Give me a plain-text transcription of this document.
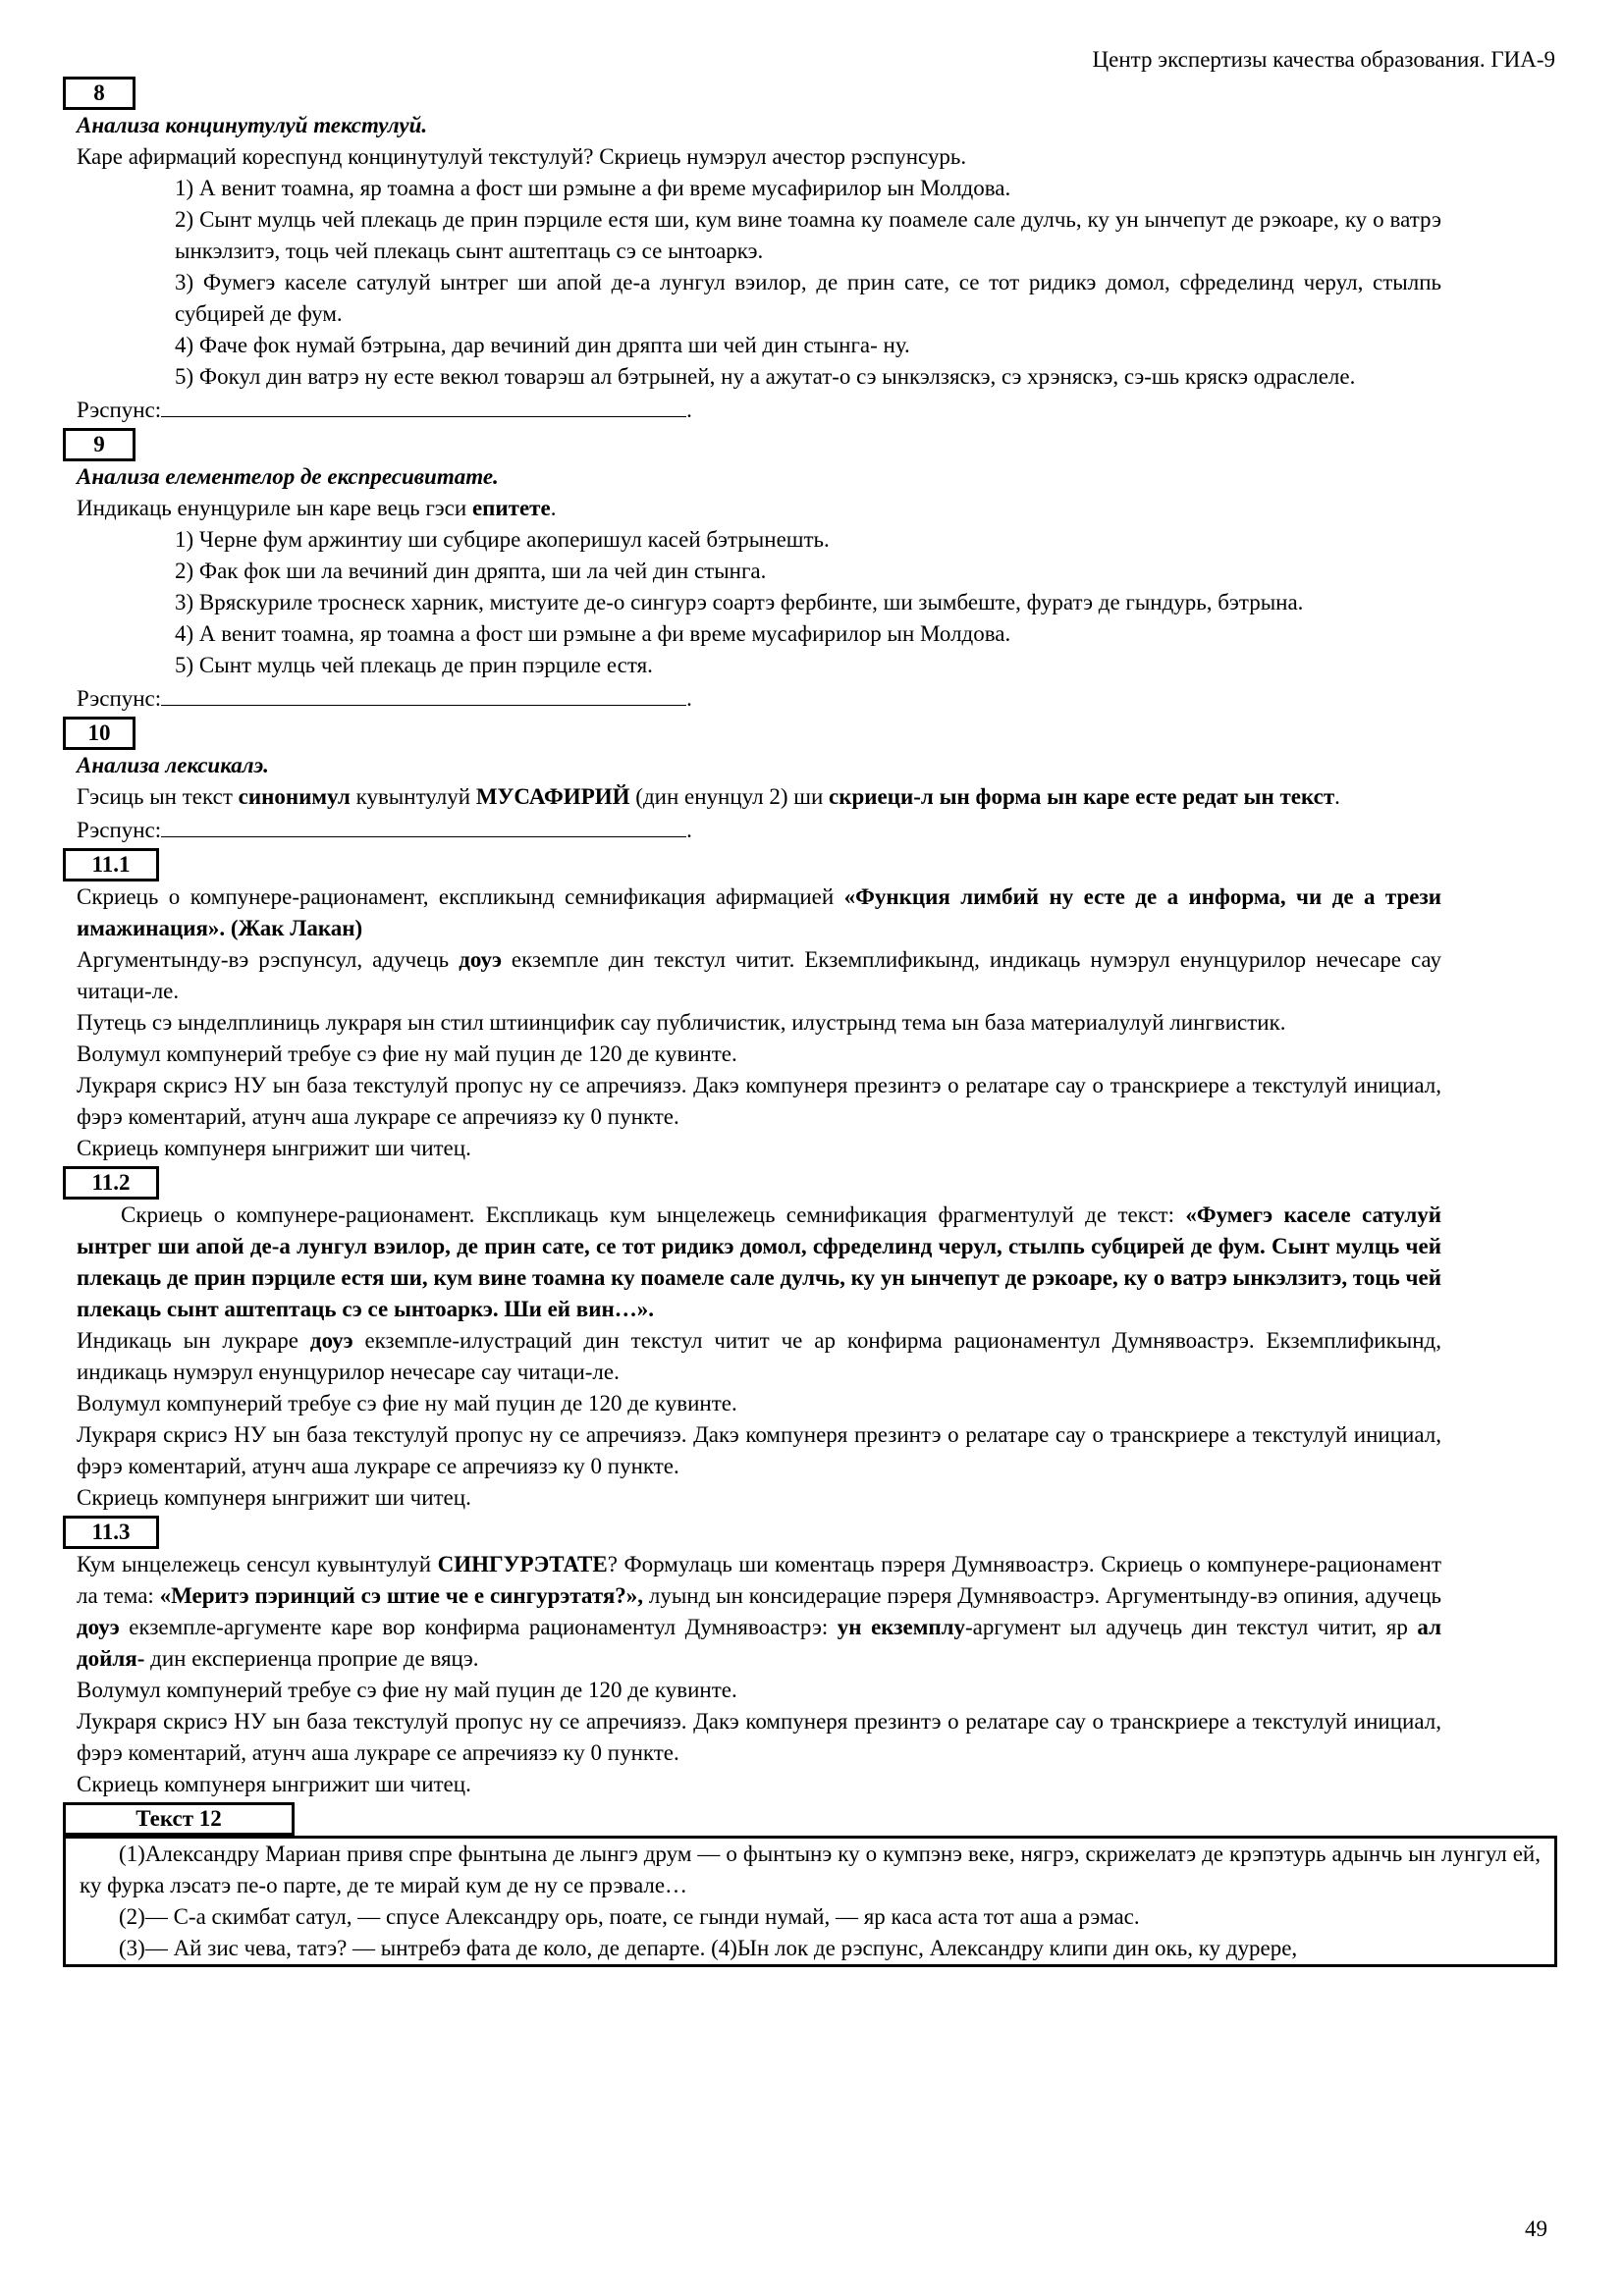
Центр экспертизы качества образования. ГИА-9
8

Анализа концинутулуй текстулуй.

Каре афирмаций кореспунд концинутулуй текстулуй? Скриець нумэрул ачестор рэспунсурь.

1) А венит тоамна, яр тоамна а фост ши рэмыне а фи време мусафирилор ын Молдова.

2) Сынт мулць чей плекаць де прин пэрциле естя ши, кум вине тоамна ку поамеле сале дулчь, ку ун ынчепут де рэкоаре, ку о ватрэ ынкэлзитэ, тоць чей плекаць сынт аштептаць сэ се ынтоаркэ.

3) Фумегэ каселе сатулуй ынтрег ши апой де-а лунгул вэилор, де прин сате, се тот ридикэ домол, сфределинд черул, стылпь субцирей де фум.

4) Фаче фок нумай бэтрына, дар вечиний дин дряпта ши чей дин стынга- ну.

5) Фокул дин ватрэ ну есте векюл товарэш ал бэтрыней, ну а ажутат-о сэ ынкэлзяскэ, сэ хрэняскэ, сэ-шь кряскэ одраслеле.

Рэспунс:	.

9

Анализа елементелор де експресивитате.

Индикаць енунцуриле ын каре вець гэси епитете.

1) Черне фум аржинтиу ши субцире акоперишул касей бэтрынешть.

2) Фак фок ши ла вечиний дин дряпта, ши ла чей дин стынга.

3) Вряскуриле троснеск харник, мистуите де-о сингурэ соартэ фербинте, ши зымбеште, фуратэ де гындурь, бэтрына.

4) А венит тоамна, яр тоамна а фост ши рэмыне а фи време мусафирилор ын Молдова.

5) Сынт мулць чей плекаць де прин пэрциле естя.

Рэспунс:	.

10

Анализа лексикалэ.

Гэсиць ын текст синонимул кувынтулуй МУСАФИРИЙ (дин енунцул 2) ши скриеци-л ын форма ын каре есте редат ын текст.

Рэспунс:	.

11.1

Скриець о компунере-рационамент, експликынд семнификация афирмацией «Функция лимбий ну есте де а информа, чи де а трези имажинация». (Жак Лакан)

Аргументынду-вэ рэспунсул, адучець доуэ екземпле дин текстул читит. Екземплификынд, индикаць нумэрул енунцурилор нечесаре сау читаци-ле.

Путець сэ ынделплиниць лукраря ын стил штиинцифик сау публичистик, илустрынд тема ын база материалулуй лингвистик.

Волумул компунерий требуе сэ фие ну май пуцин де 120 де кувинте.

Лукраря скрисэ НУ ын база текстулуй пропус ну се апречиязэ. Дакэ компунеря презинтэ о релатаре сау о транскриере а текстулуй инициал, фэрэ коментарий, атунч аша лукраре се апречиязэ ку 0 пункте.

Скриець компунеря ынгрижит ши читец.

11.2

Скриець о компунере-рационамент. Експликаць кум ынцележець семнификация фрагментулуй де текст: «Фумегэ каселе сатулуй ынтрег ши апой де-а лунгул вэилор, де прин сате, се тот ридикэ домол, сфределинд черул, стылпь субцирей де фум. Сынт мулць чей плекаць де прин пэрциле естя ши, кум вине тоамна ку поамеле сале дулчь, ку ун ынчепут де рэкоаре, ку о ватрэ ынкэлзитэ, тоць чей плекаць сынт аштептаць сэ се ынтоаркэ. Ши ей вин…».

Индикаць ын лукраре доуэ екземпле-илустраций дин текстул читит че ар конфирма рационаментул Думнявоастрэ. Екземплификынд, индикаць нумэрул енунцурилор нечесаре сау читаци-ле.

Волумул компунерий требуе сэ фие ну май пуцин де 120 де кувинте.

Лукраря скрисэ НУ ын база текстулуй пропус ну се апречиязэ. Дакэ компунеря презинтэ о релатаре сау о транскриере а текстулуй инициал, фэрэ коментарий, атунч аша лукраре се апречиязэ ку 0 пункте.

Скриець компунеря ынгрижит ши читец.

11.3

Кум ынцележець сенсул кувынтулуй СИНГУРЭТАТЕ? Формулаць ши коментаць пэреря Думнявоастрэ. Скриець о компунере-рационамент ла тема: «Меритэ пэринций сэ штие че е сингурэтатя?», луынд ын консидерацие пэреря Думнявоастрэ. Аргументынду-вэ опиния, адучець доуэ екземпле-аргументе каре вор конфирма рационаментул Думнявоастрэ: ун екземплу-аргумент ыл адучець дин текстул читит, яр ал дойля- дин експериенца проприе де вяцэ.

Волумул компунерий требуе сэ фие ну май пуцин де 120 де кувинте.

Лукраря скрисэ НУ ын база текстулуй пропус ну се апречиязэ. Дакэ компунеря презинтэ о релатаре сау о транскриере а текстулуй инициал, фэрэ коментарий, атунч аша лукраре се апречиязэ ку 0 пункте.

Скриець компунеря ынгрижит ши читец.

Текст 12

(1)Александру Мариан привя спре фынтына де лынгэ друм — о фынтынэ ку о кумпэнэ веке, нягрэ, скрижелатэ де крэпэтурь адынчь ын лунгул ей, ку фурка лэсатэ пе-о парте, де те мирай кум де ну се прэвале…

(2)— С-а скимбат сатул, — спусе Александру орь, поате, се гынди нумай, — яр каса аста тот аша а рэмас.

(3)— Ай зис чева, татэ? — ынтребэ фата де коло, де департе. (4)Ын лок де рэспунс, Александру клипи дин окь, ку дурере,

49
